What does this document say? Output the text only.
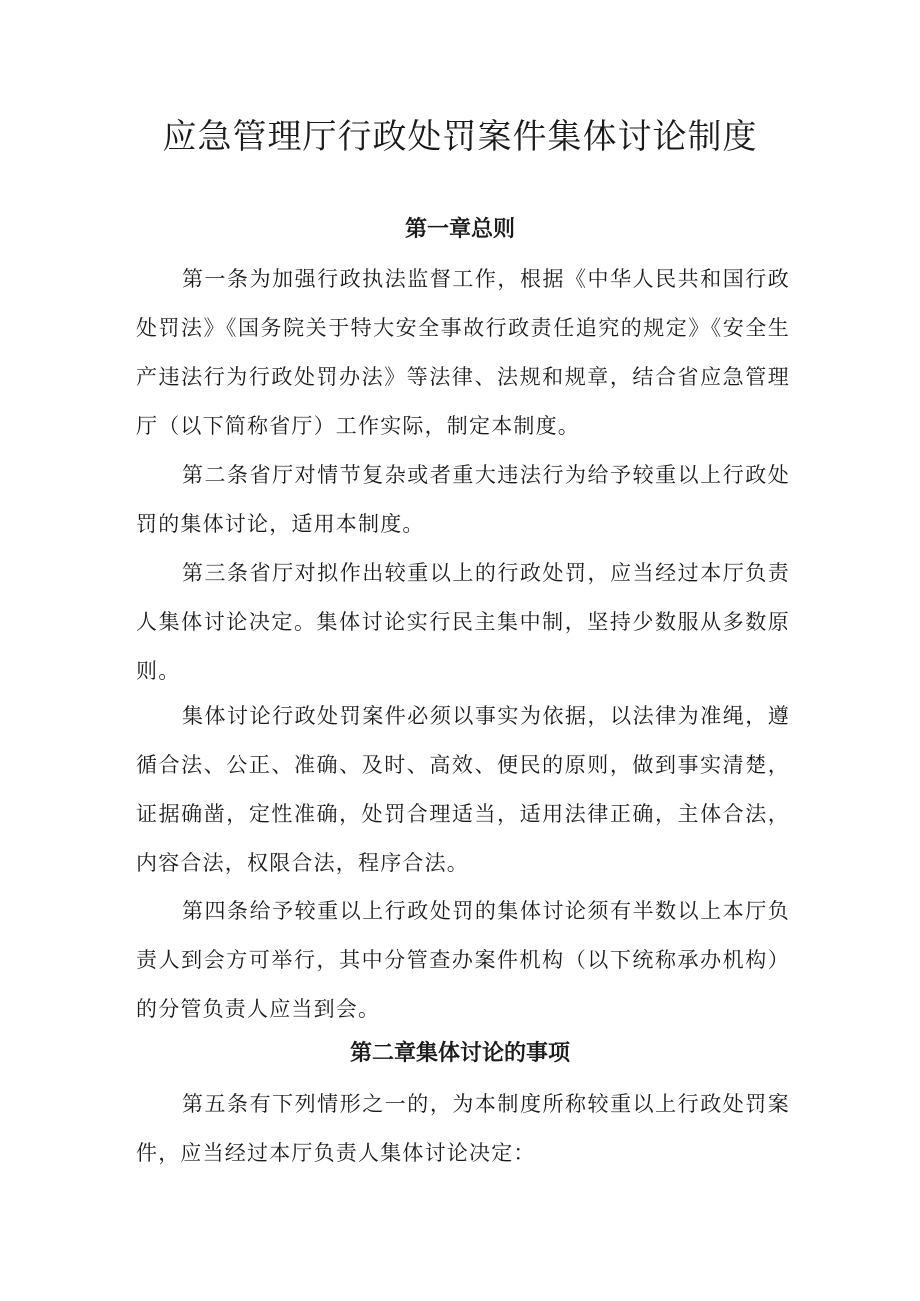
应急管理厅行政处罚案件集体讨论制度
第一章总则

第一条为加强行政执法监督工作，根据《中华人民共和国行政处罚法》《国务院关于特大安全事故行政责任追究的规定》《安全生产违法行为行政处罚办法》等法律、法规和规章，结合省应急管理厅（以下简称省厅）工作实际，制定本制度。

第二条省厅对情节复杂或者重大违法行为给予较重以上行政处罚的集体讨论，适用本制度。

第三条省厅对拟作出较重以上的行政处罚，应当经过本厅负责人集体讨论决定。集体讨论实行民主集中制，坚持少数服从多数原则。

集体讨论行政处罚案件必须以事实为依据，以法律为准绳，遵循合法、公正、准确、及时、高效、便民的原则，做到事实清楚，证据确凿，定性准确，处罚合理适当，适用法律正确，主体合法，内容合法，权限合法，程序合法。

第四条给予较重以上行政处罚的集体讨论须有半数以上本厅负责人到会方可举行，其中分管查办案件机构（以下统称承办机构）的分管负责人应当到会。

第二章集体讨论的事项

第五条有下列情形之一的，为本制度所称较重以上行政处罚案件，应当经过本厅负责人集体讨论决定：
